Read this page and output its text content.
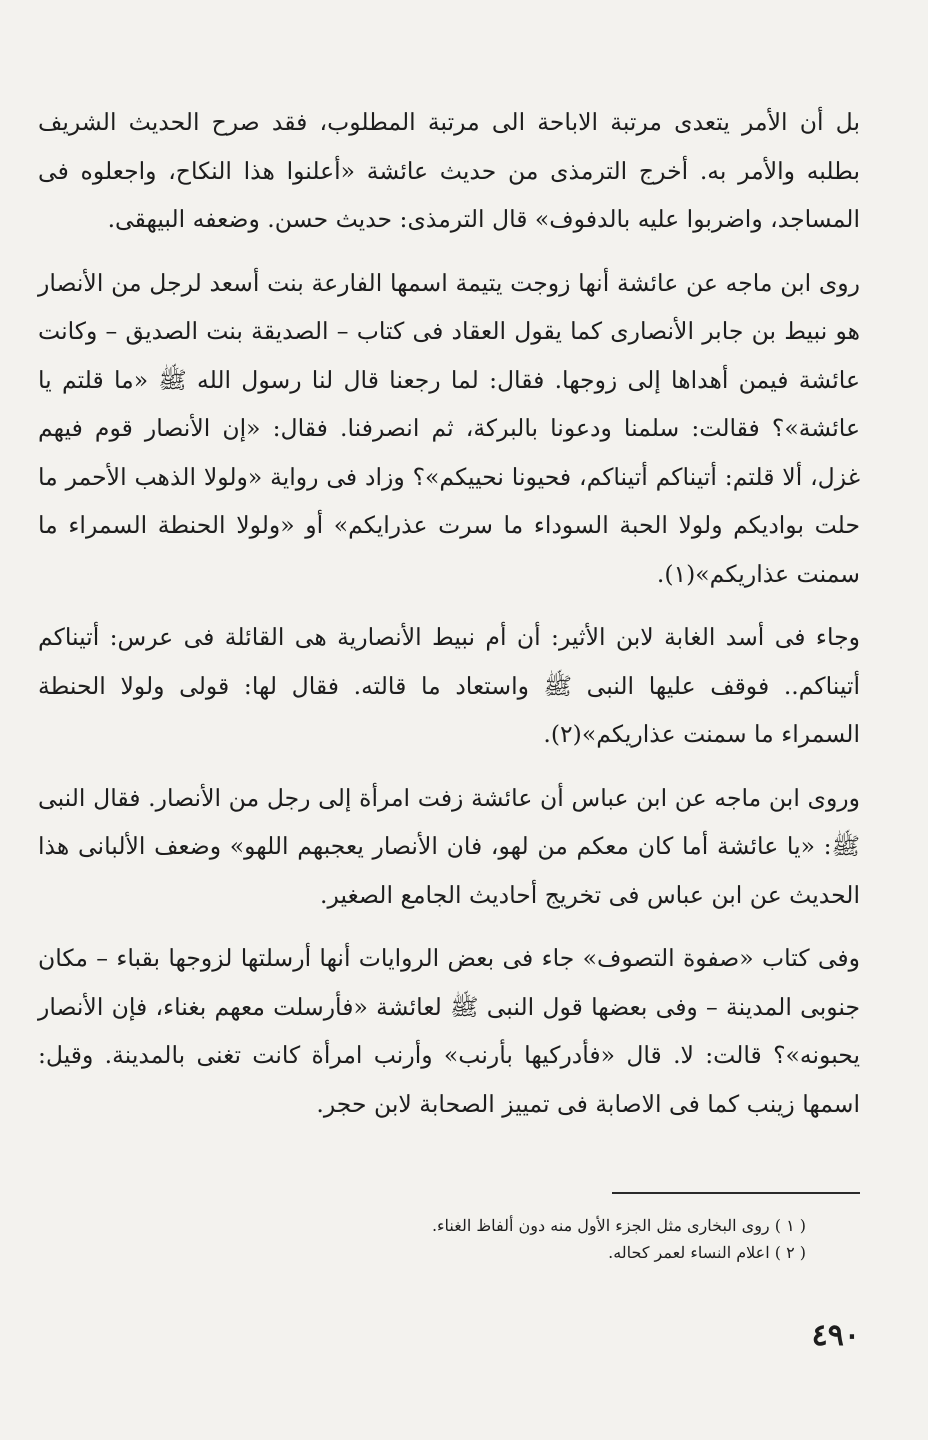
بل أن الأمر يتعدى مرتبة الاباحة الى مرتبة المطلوب، فقد صرح الحديث الشريف بطلبه والأمر به. أخرج الترمذى من حديث عائشة «أعلنوا هذا النكاح، واجعلوه فى المساجد، واضربوا عليه بالدفوف» قال الترمذى: حديث حسن. وضعفه البيهقى.

روى ابن ماجه عن عائشة أنها زوجت يتيمة اسمها الفارعة بنت أسعد لرجل من الأنصار هو نبيط بن جابر الأنصارى كما يقول العقاد فى كتاب – الصديقة بنت الصديق – وكانت عائشة فيمن أهداها إلى زوجها. فقال: لما رجعنا قال لنا رسول الله ﷺ «ما قلتم يا عائشة»؟ فقالت: سلمنا ودعونا بالبركة، ثم انصرفنا. فقال: «إن الأنصار قوم فيهم غزل، ألا قلتم: أتيناكم أتيناكم، فحيونا نحييكم»؟ وزاد فى رواية «ولولا الذهب الأحمر ما حلت بواديكم ولولا الحبة السوداء ما سرت عذرايكم» أو «ولولا الحنطة السمراء ما سمنت عذاريكم»(١).

وجاء فى أسد الغابة لابن الأثير: أن أم نبيط الأنصارية هى القائلة فى عرس: أتيناكم أتيناكم.. فوقف عليها النبى ﷺ واستعاد ما قالته. فقال لها: قولى ولولا الحنطة السمراء ما سمنت عذاريكم»(٢).

وروى ابن ماجه عن ابن عباس أن عائشة زفت امرأة إلى رجل من الأنصار. فقال النبى ﷺ: «يا عائشة أما كان معكم من لهو، فان الأنصار يعجبهم اللهو» وضعف الألبانى هذا الحديث عن ابن عباس فى تخريج أحاديث الجامع الصغير.

وفى كتاب «صفوة التصوف» جاء فى بعض الروايات أنها أرسلتها لزوجها بقباء – مكان جنوبى المدينة – وفى بعضها قول النبى ﷺ لعائشة «فأرسلت معهم بغناء، فإن الأنصار يحبونه»؟ قالت: لا. قال «فأدركيها بأرنب» وأرنب امرأة كانت تغنى بالمدينة. وقيل: اسمها زينب كما فى الاصابة فى تمييز الصحابة لابن حجر.

( ١ ) روى البخارى مثل الجزء الأول منه دون ألفاظ الغناء.

( ٢ ) اعلام النساء لعمر كحاله.

٤٩٠
